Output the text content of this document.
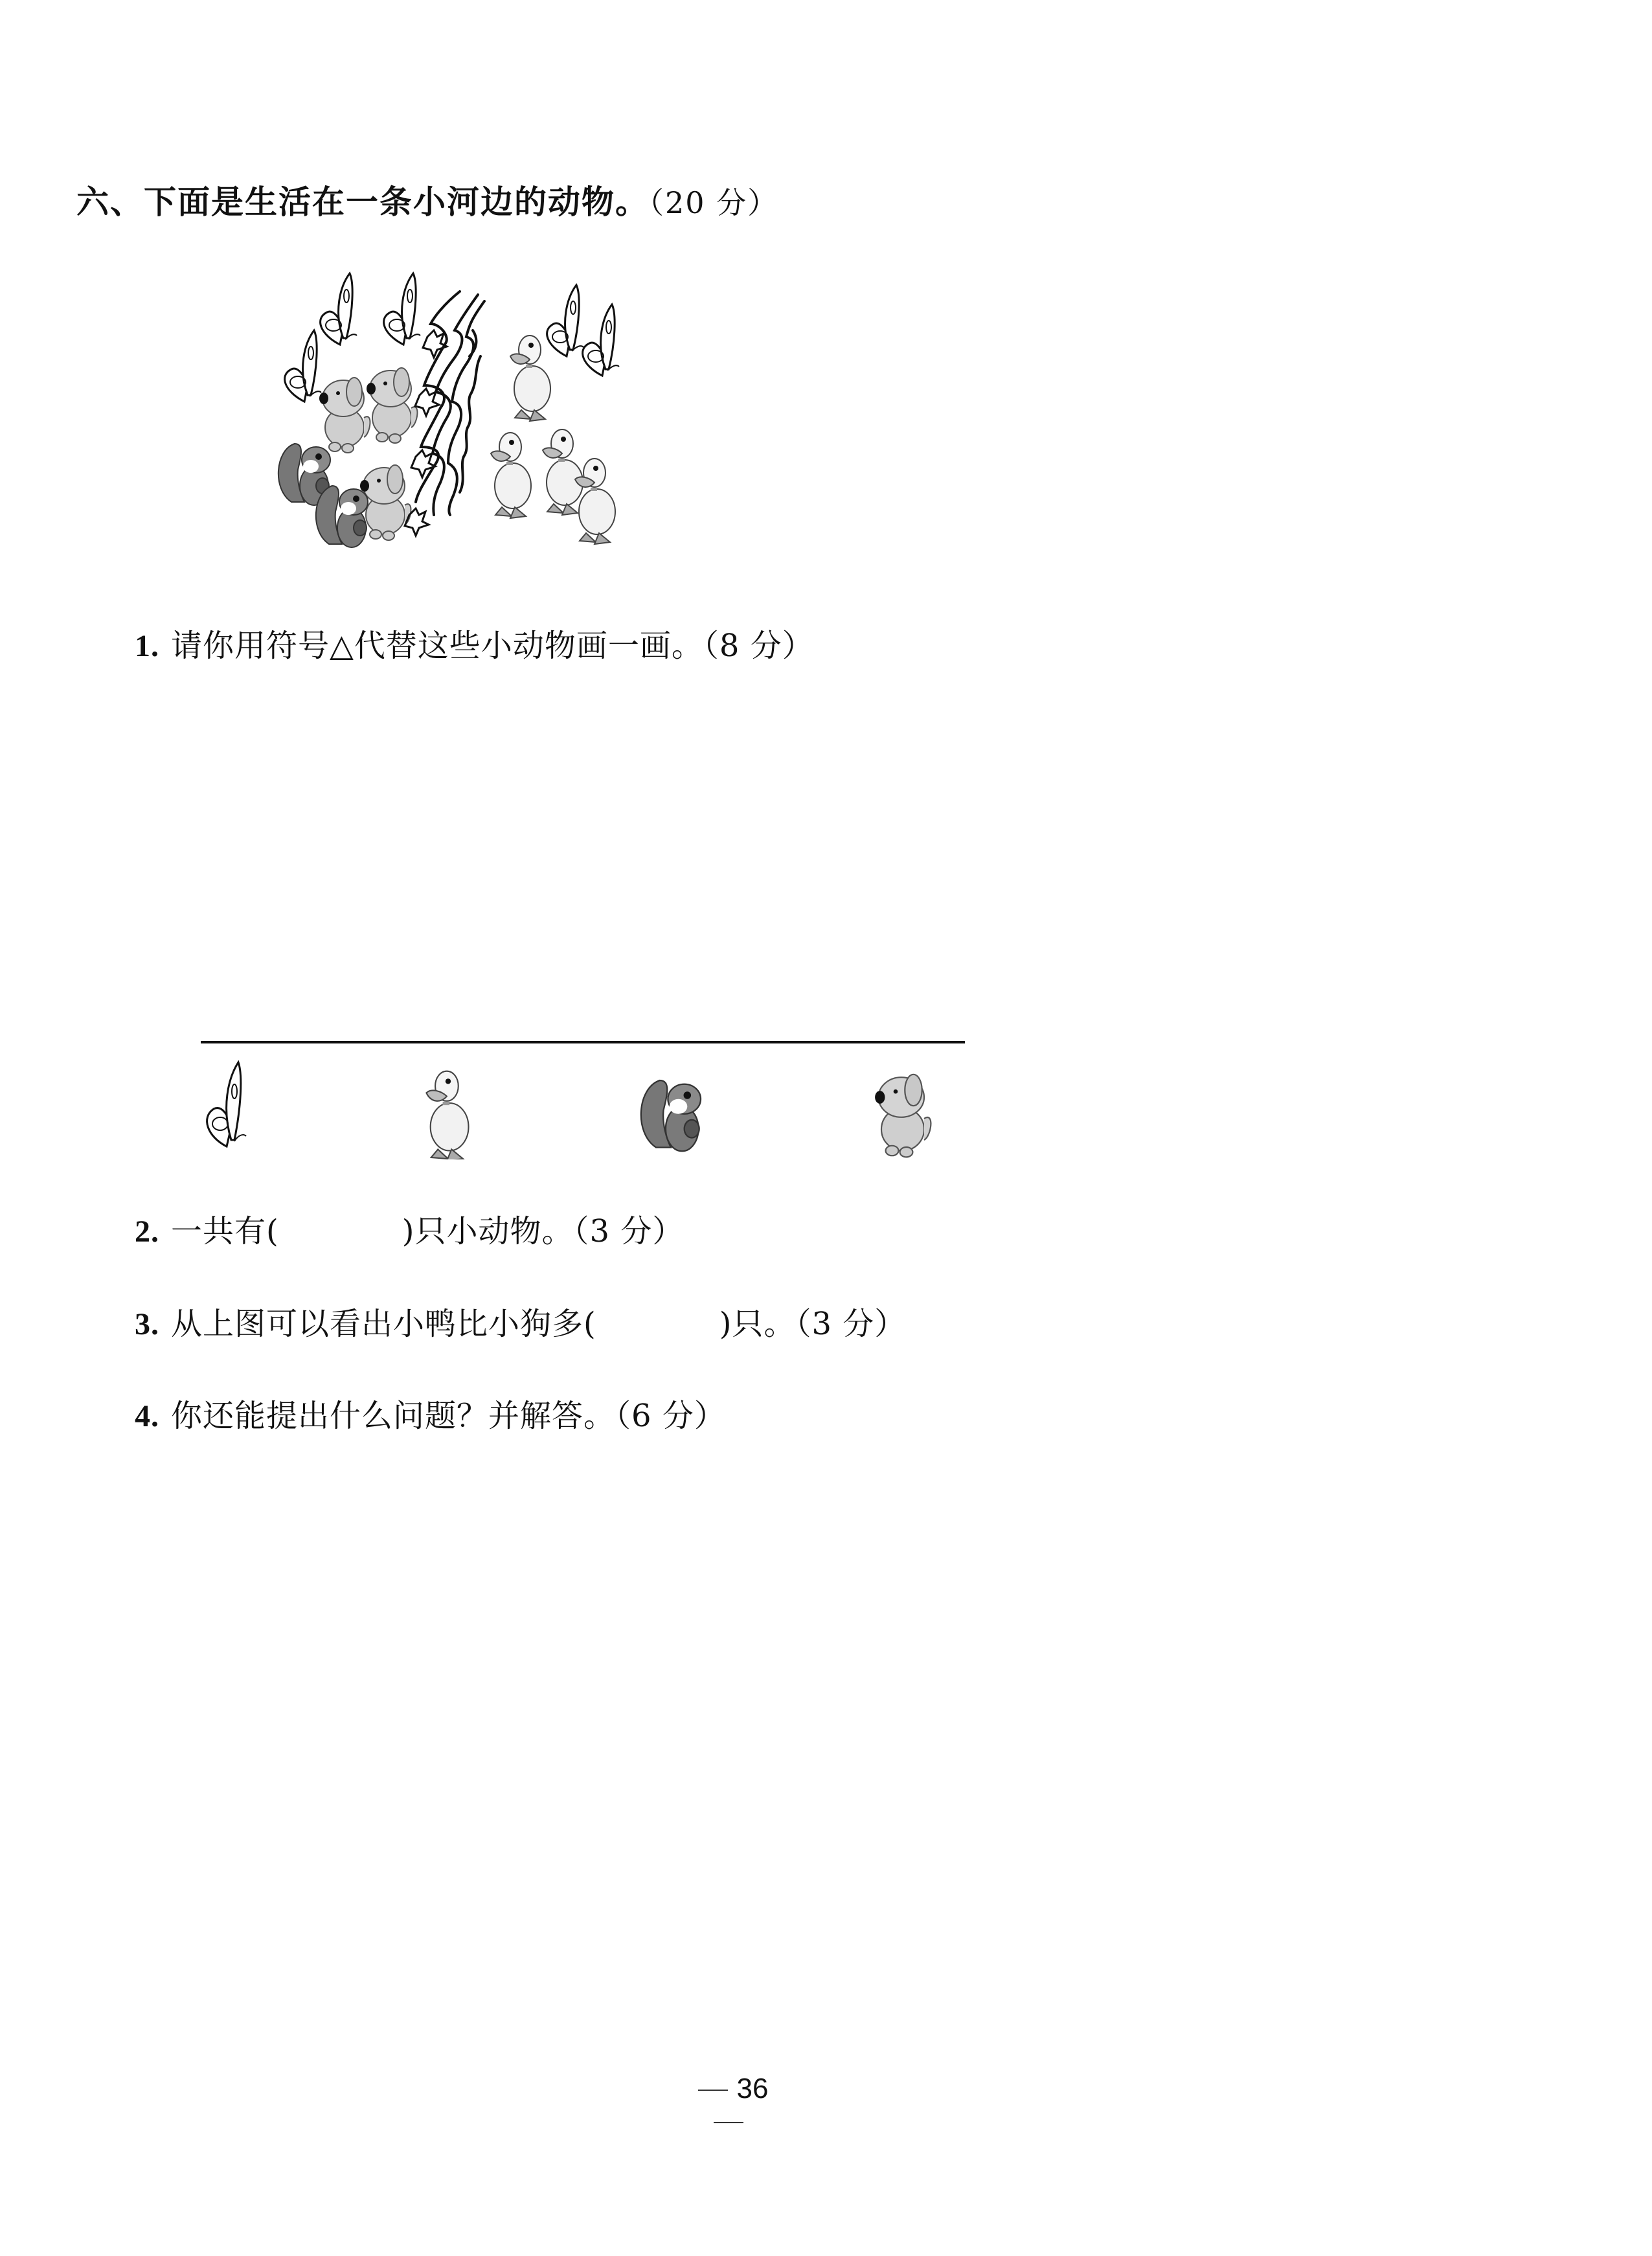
六、下面是生活在一条小河边的动物。（20 分）
1. 请你用符号△代替这些小动物画一画。（8 分）
2. 一共有(	)只小动物。（3 分）
3. 从上图可以看出小鸭比小狗多(	)只。（3 分）
4. 你还能提出什么问题？并解答。（6 分）
36
